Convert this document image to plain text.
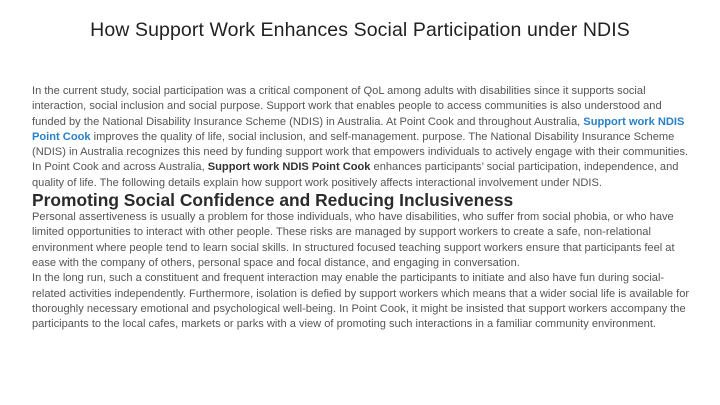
How Support Work Enhances Social Participation under NDIS

In the current study, social participation was a critical component of QoL among adults with disabilities since it supports social interaction, social inclusion and social purpose. Support work that enables people to access communities is also understood and funded by the National Disability Insurance Scheme (NDIS) in Australia. At Point Cook and throughout Australia, Support work NDIS Point Cook improves the quality of life, social inclusion, and self-management. purpose. The National Disability Insurance Scheme (NDIS) in Australia recognizes this need by funding support work that empowers individuals to actively engage with their communities. In Point Cook and across Australia, Support work NDIS Point Cook enhances participants’ social participation, independence, and quality of life. The following details explain how support work positively affects interactional involvement under NDIS.

Promoting Social Confidence and Reducing Inclusiveness

Personal assertiveness is usually a problem for those individuals, who have disabilities, who suffer from social phobia, or who have limited opportunities to interact with other people. These risks are managed by support workers to create a safe, non-relational environment where people tend to learn social skills. In structured focused teaching support workers ensure that participants feel at ease with the company of others, personal space and focal distance, and engaging in conversation.

In the long run, such a constituent and frequent interaction may enable the participants to initiate and also have fun during social-related activities independently. Furthermore, isolation is defied by support workers which means that a wider social life is available for thoroughly necessary emotional and psychological well-being. In Point Cook, it might be insisted that support workers accompany the participants to the local cafes, markets or parks with a view of promoting such interactions in a familiar community environment.
